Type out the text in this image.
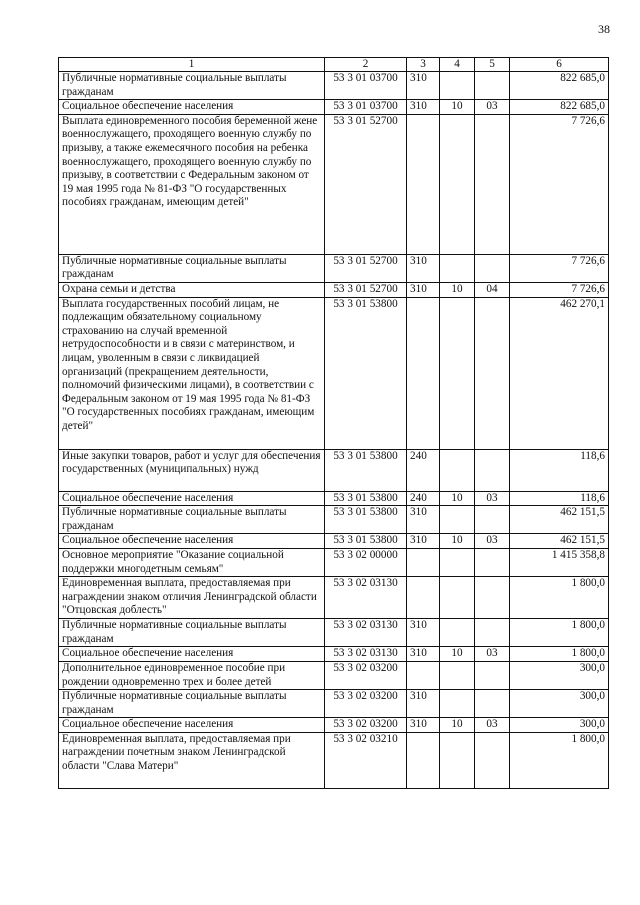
38
1	2	3	4	5	6
Публичные нормативные социальные выплаты гражданам	53 3 01 03700	310			822 685,0
Социальное обеспечение населения	53 3 01 03700	310	10	03	822 685,0
Выплата единовременного пособия беременной жене военнослужащего, проходящего военную службу по призыву, а также ежемесячного пособия на ребенка военнослужащего, проходящего военную службу по призыву, в соответствии с Федеральным законом от 19 мая 1995 года № 81-ФЗ "О государственных пособиях гражданам, имеющим детей"	53 3 01 52700				7 726,6
Публичные нормативные социальные выплаты гражданам	53 3 01 52700	310			7 726,6
Охрана семьи и детства	53 3 01 52700	310	10	04	7 726,6
Выплата государственных пособий лицам, не подлежащим обязательному социальному страхованию на случай временной нетрудоспособности и в связи с материнством, и лицам, уволенным в связи с ликвидацией организаций (прекращением деятельности, полномочий физическими лицами), в соответствии с Федеральным законом от 19 мая 1995 года № 81-ФЗ "О государственных пособиях гражданам, имеющим детей"	53 3 01 53800				462 270,1
Иные закупки товаров, работ и услуг для обеспечения государственных (муниципальных) нужд	53 3 01 53800	240			118,6
Социальное обеспечение населения	53 3 01 53800	240	10	03	118,6
Публичные нормативные социальные выплаты гражданам	53 3 01 53800	310			462 151,5
Социальное обеспечение населения	53 3 01 53800	310	10	03	462 151,5
Основное мероприятие "Оказание социальной поддержки многодетным семьям"	53 3 02 00000				1 415 358,8
Единовременная выплата, предоставляемая при награждении знаком отличия Ленинградской области "Отцовская доблесть"	53 3 02 03130				1 800,0
Публичные нормативные социальные выплаты гражданам	53 3 02 03130	310			1 800,0
Социальное обеспечение населения	53 3 02 03130	310	10	03	1 800,0
Дополнительное единовременное пособие при рождении одновременно трех и более детей	53 3 02 03200				300,0
Публичные нормативные социальные выплаты гражданам	53 3 02 03200	310			300,0
Социальное обеспечение населения	53 3 02 03200	310	10	03	300,0
Единовременная выплата, предоставляемая при награждении почетным знаком Ленинградской области "Слава Матери"	53 3 02 03210				1 800,0
